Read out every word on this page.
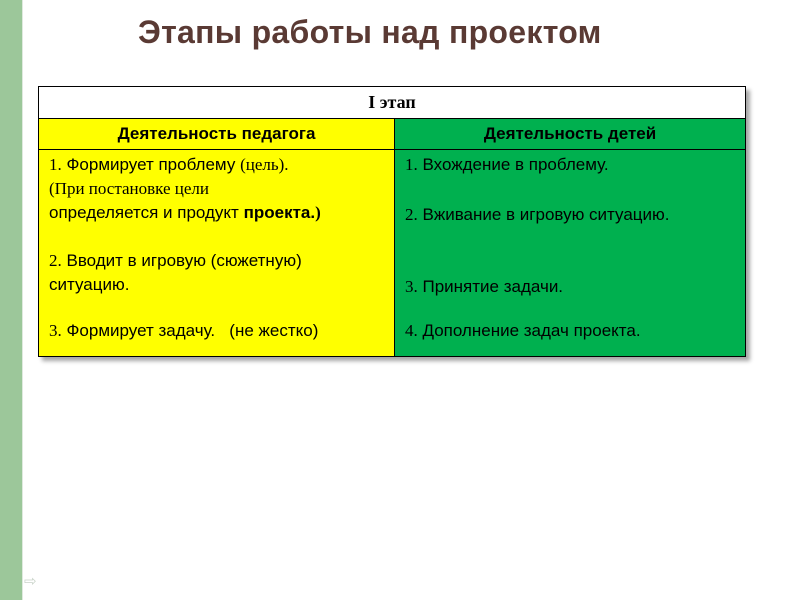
⇨
Этапы работы над проектом
I этап
Деятельность педагога	Деятельность детей
1. Формирует проблему (цель).
(При постановке цели
определяется и продукт проекта.)
2. Вводит в игровую (сюжетную)
ситуацию.
3. Формирует задачу. (не жестко)
1. Вхождение в проблему.
2. Вживание в игровую ситуацию.
3. Принятие задачи.
4. Дополнение задач проекта.
